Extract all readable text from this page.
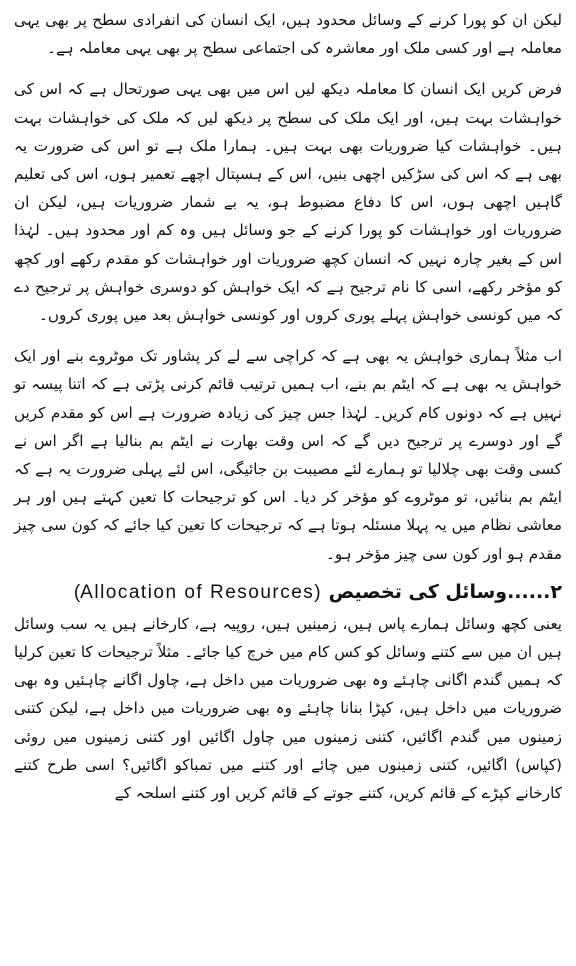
لیکن ان کو پورا کرنے کے وسائل محدود ہیں، ایک انسان کی انفرادی سطح پر بھی یہی معاملہ ہے اور کسی ملک اور معاشرہ کی اجتماعی سطح پر بھی یہی معاملہ ہے۔

فرض کریں ایک انسان کا معاملہ دیکھ لیں اس میں بھی یہی صورتحال ہے کہ اس کی خواہشات بہت ہیں، اور ایک ملک کی سطح پر دیکھ لیں کہ ملک کی خواہشات بہت ہیں۔ خواہشات کیا ضروریات بھی بہت ہیں۔ ہمارا ملک ہے تو اس کی ضرورت یہ بھی ہے کہ اس کی سڑکیں اچھی بنیں، اس کے ہسپتال اچھے تعمیر ہوں، اس کی تعلیم گاہیں اچھی ہوں، اس کا دفاع مضبوط ہو، یہ بے شمار ضروریات ہیں، لیکن ان ضروریات اور خواہشات کو پورا کرنے کے جو وسائل ہیں وہ کم اور محدود ہیں۔ لہٰذا اس کے بغیر چارہ نہیں کہ انسان کچھ ضروریات اور خواہشات کو مقدم رکھے اور کچھ کو مؤخر رکھے، اسی کا نام ترجیح ہے کہ ایک خواہش کو دوسری خواہش پر ترجیح دے کہ میں کونسی خواہش پہلے پوری کروں اور کونسی خواہش بعد میں پوری کروں۔

اب مثلاً ہماری خواہش یہ بھی ہے کہ کراچی سے لے کر پشاور تک موٹروے بنے اور ایک خواہش یہ بھی ہے کہ ایٹم بم بنے، اب ہمیں ترتیب قائم کرنی پڑتی ہے کہ اتنا پیسہ تو نہیں ہے کہ دونوں کام کریں۔ لہٰذا جس چیز کی زیادہ ضرورت ہے اس کو مقدم کریں گے اور دوسرے پر ترجیح دیں گے کہ اس وقت بھارت نے ایٹم بم بنالیا ہے اگر اس نے کسی وقت بھی چلالیا تو ہمارے لئے مصیبت بن جائیگی، اس لئے پہلی ضرورت یہ ہے کہ ایٹم بم بنائیں، تو موٹروے کو مؤخر کر دیا۔ اس کو ترجیحات کا تعین کہتے ہیں اور ہر معاشی نظام میں یہ پہلا مسئلہ ہوتا ہے کہ ترجیحات کا تعین کیا جائے کہ کون سی چیز مقدم ہو اور کون سی چیز مؤخر ہو۔

۲......وسائل کی تخصیص(Allocation of Resources)

یعنی کچھ وسائل ہمارے پاس ہیں، زمینیں ہیں، روپیہ ہے، کارخانے ہیں یہ سب وسائل ہیں ان میں سے کتنے وسائل کو کس کام میں خرچ کیا جائے۔ مثلاً ترجیحات کا تعین کرلیا کہ ہمیں گندم اگانی چاہئے وہ بھی ضروریات میں داخل ہے، چاول اگانے چاہئیں وہ بھی ضروریات میں داخل ہیں، کپڑا بنانا چاہئے وہ بھی ضروریات میں داخل ہے، لیکن کتنی زمینوں میں گندم اگائیں، کتنی زمینوں میں چاول اگائیں اور کتنی زمینوں میں روئی (کپاس) اگائیں، کتنی زمینوں میں چائے اور کتنے میں تمباکو اگائیں؟ اسی طرح کتنے کارخانے کپڑے کے قائم کریں، کتنے جوتے کے قائم کریں اور کتنے اسلحہ کے
